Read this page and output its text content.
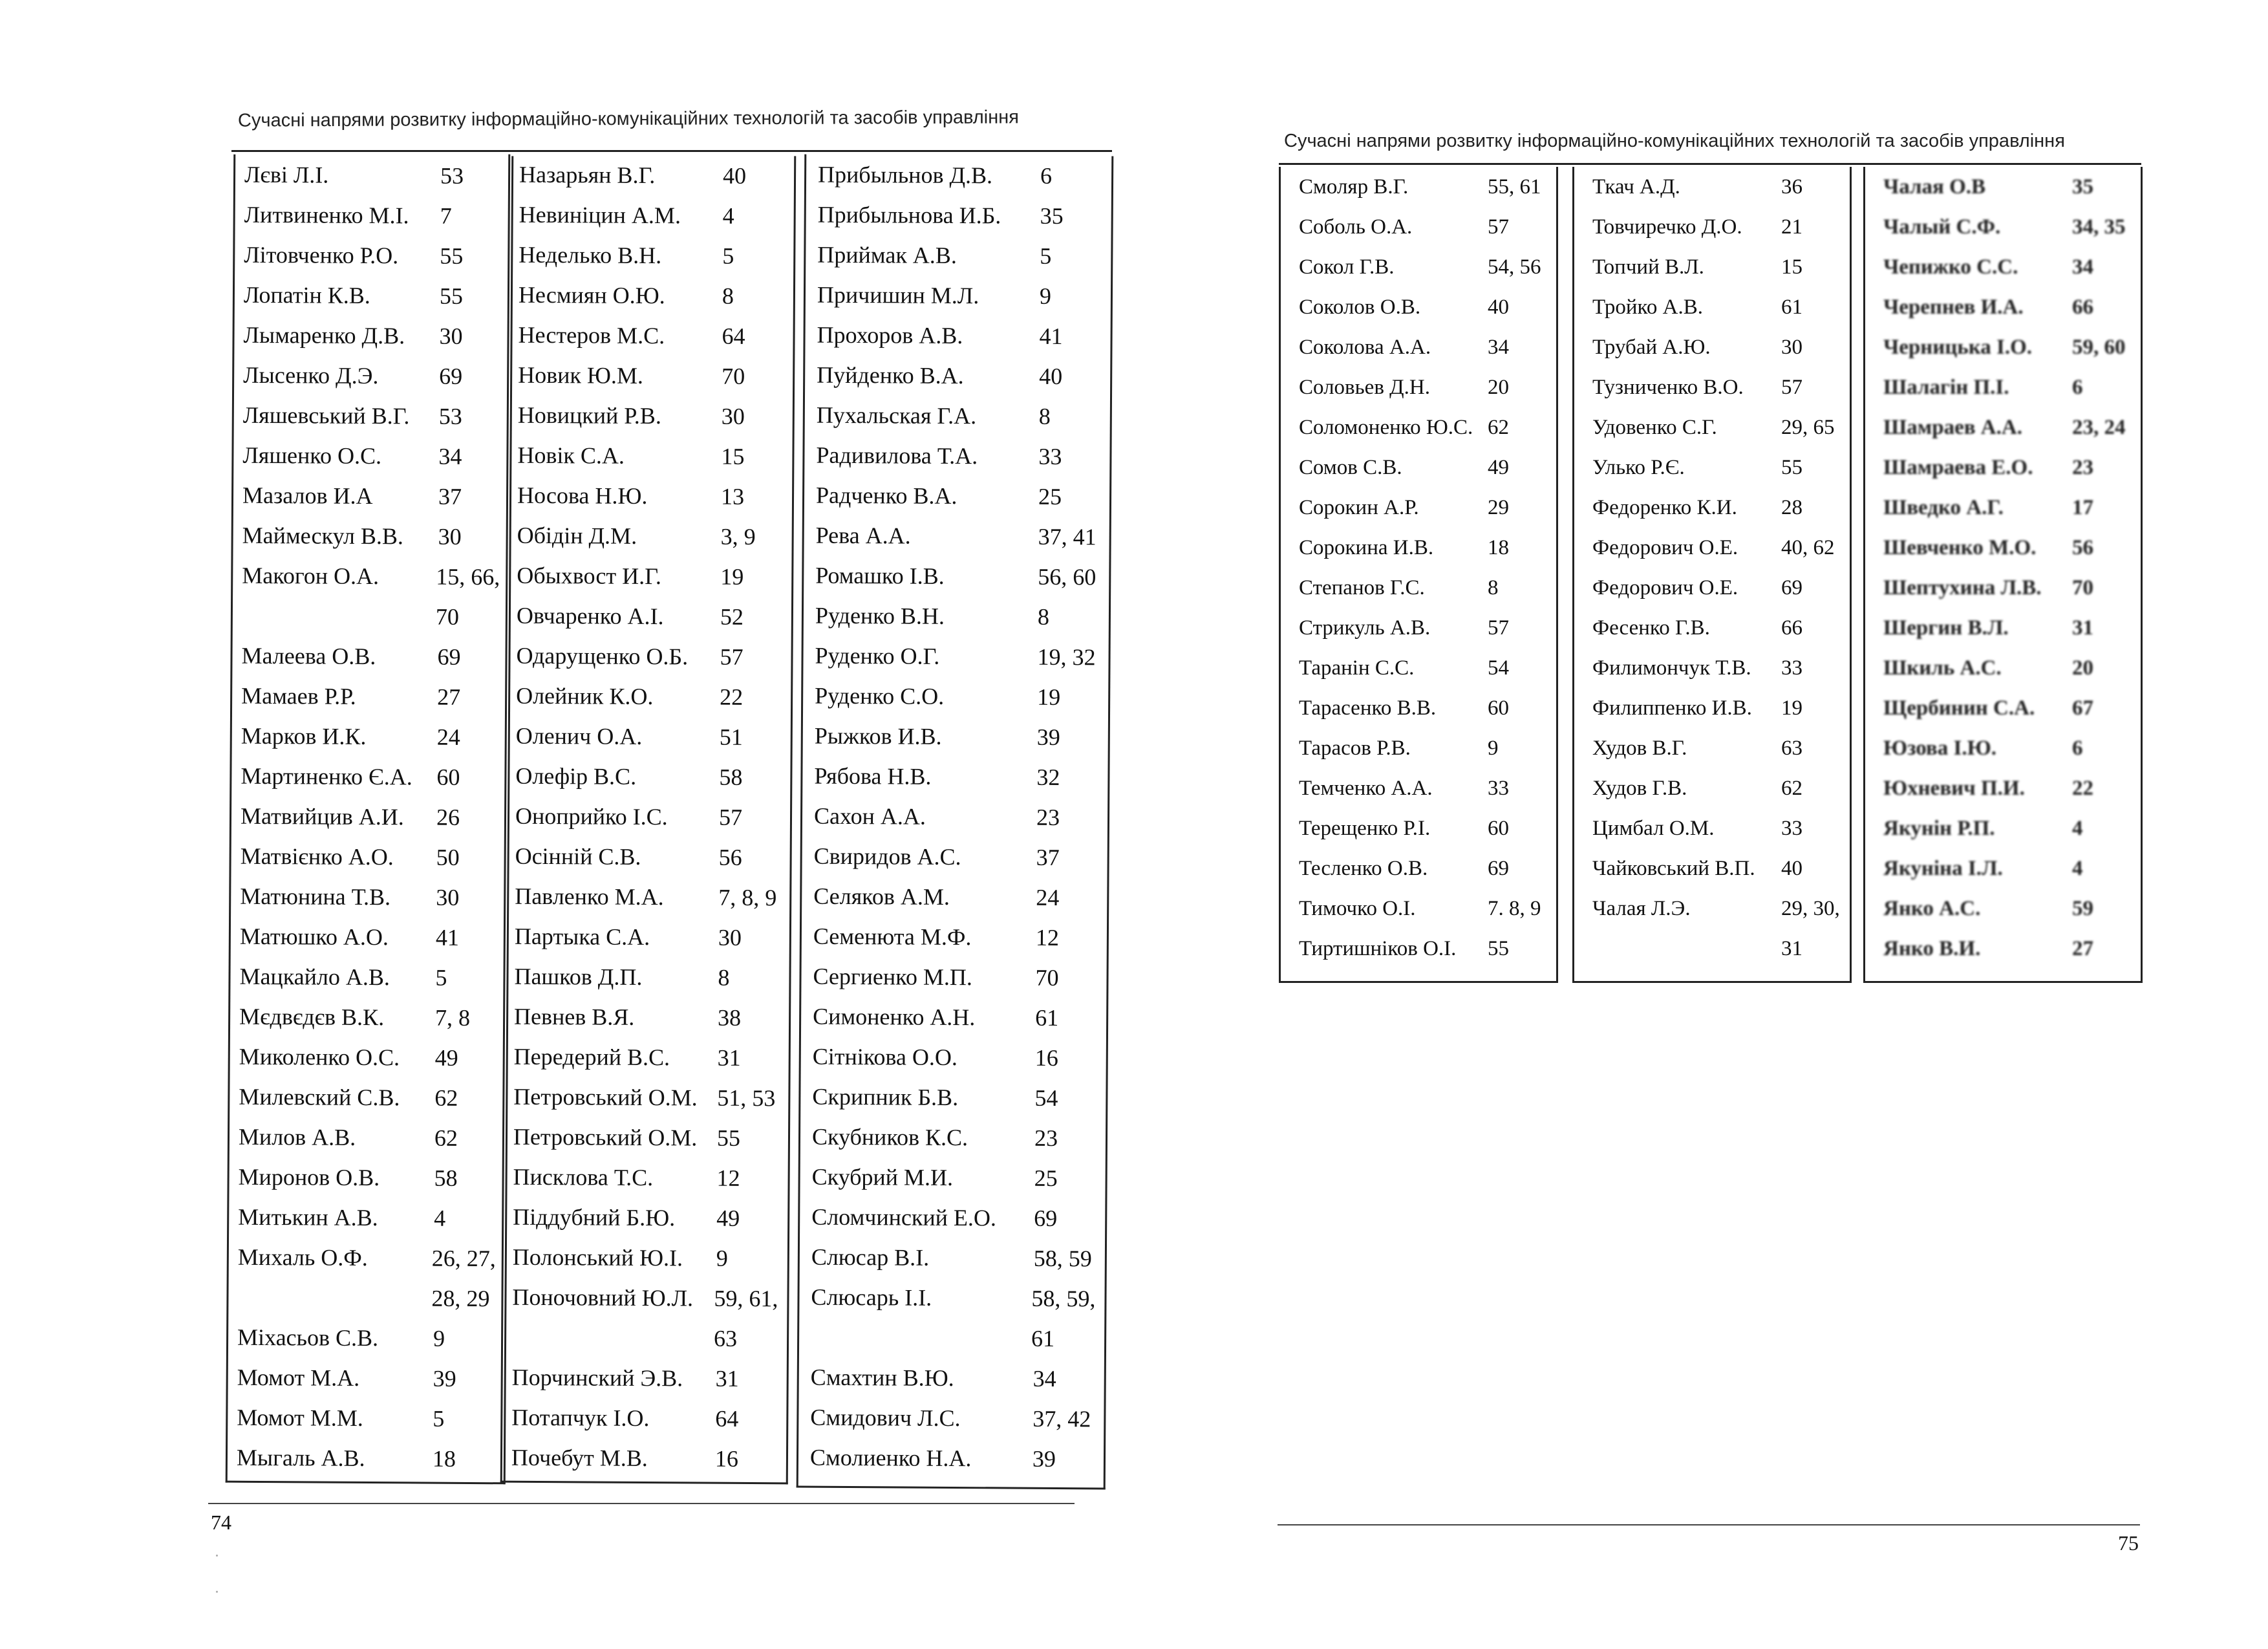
Сучасні напрями розвитку інформаційно-комунікаційних технологій та засобів управління
Лєві Л.І.	53
Литвиненко М.І. 7
Літовченко Р.О. 55
Лопатін К.В.	55
Лымаренко Д.В. 30
Лысенко Д.Э.	69
Ляшевський В.Г. 53
Ляшенко О.С. 34
Мазалов И.А	37
Маймескул В.В. 30
Макогон О.А. 15, 66,
70
Малеева О.В.	69
Мамаев Р.Р.	27
Марков И.К.	24
Мартиненко Є.А. 60
Матвийцив А.И. 26
Матвієнко А.О. 50
Матюнина Т.В. 30
Матюшко А.О. 41
Мацкайло А.В. 5
Мєдвєдєв В.К. 7, 8
Миколенко О.С. 49
Милевский С.В. 62
Милов А.В.	62
Миронов О.В. 58
Митькин А.В. 4
Михаль О.Ф.	26, 27,
28, 29
Міхасьов С.В. 9
Момот М.А.	39
Момот М.М.	5
Мыгаль А.В.	18
Назарьян В.Г.	40
Невиніцин А.М. 4
Неделько В.Н.	5
Несмиян О.Ю. 8
Нестеров М.С. 64
Новик Ю.М.	70
Новицкий Р.В.	30
Новік С.А.	15
Носова Н.Ю.	13
Обідін Д.М.	3, 9
Обыхвост И.Г.	19
Овчаренко А.І. 52
Одарущенко О.Б. 57
Олейник К.О.	22
Оленич О.А.	51
Олефір В.С.	58
Оноприйко І.С. 57
Осінній С.В.	56
Павленко М.А. 7, 8, 9
Партыка С.А.	30
Пашков Д.П.	8
Певнев В.Я.	38
Передерий В.С. 31
Петровський О.М. 51, 53
Петровський О.М. 55
Писклова Т.С.	12
Піддубний Б.Ю. 49
Полонський Ю.І. 9
Поночовний Ю.Л. 59, 61,
63
Порчинский Э.В. 31
Потапчук І.О.	64
Почебут М.В.	16
Прибыльнов Д.В. 6
Прибыльнова И.Б. 35
Приймак А.В.	5
Причишин М.Л.	9
Прохоров А.В.	41
Пуйденко В.А.	40
Пухальская Г.А.	8
Радивилова Т.А.	33
Радченко В.А.	25
Рева А.А.	37, 41
Ромашко І.В.	56, 60
Руденко В.Н.	8
Руденко О.Г.	19, 32
Руденко С.О.	19
Рыжков И.В.	39
Рябова Н.В.	32
Сахон А.А.	23
Свиридов А.С.	37
Селяков А.М.	24
Семенюта М.Ф.	12
Сергиенко М.П.	70
Симоненко А.Н.	61
Сітнікова О.О.	16
Скрипник Б.В.	54
Скубников К.С.	23
Скубрий М.И.	25
Сломчинский Е.О. 69
Слюсар В.І.	58, 59
Слюсарь І.І.	58, 59,
61
Смахтин В.Ю.	34
Смидович Л.С.	37, 42
Смолиенко Н.А.	39
74
Сучасні напрями розвитку інформаційно-комунікаційних технологій та засобів управління
Смоляр В.Г.	55, 61
Соболь О.А.	57
Сокол Г.В.	54, 56
Соколов О.В.	40
Соколова А.А.	34
Соловьев Д.Н.	20
Соломоненко Ю.С. 62
Сомов С.В.	49
Сорокин А.Р.	29
Сорокина И.В.	18
Степанов Г.С.	8
Стрикуль А.В.	57
Таранін С.С.	54
Тарасенко В.В. 60
Тарасов Р.В.	9
Темченко А.А.	33
Терещенко Р.І.	60
Тесленко О.В.	69
Тимочко О.І.	7. 8, 9
Тиртишніков О.І. 55
Ткач А.Д.	36
Товчиречко Д.О. 21
Топчий В.Л.	15
Тройко А.В.	61
Трубай А.Ю.	30
Тузниченко В.О. 57
Удовенко С.Г.	29, 65
Улько Р.Є.	55
Федоренко К.И. 28
Федорович О.Е. 40, 62
Федорович О.Е. 69
Фесенко Г.В.	66
Филимончук Т.В. 33
Филиппенко И.В. 19
Худов В.Г.	63
Худов Г.В.	62
Цимбал О.М.	33
Чайковський В.П. 40
Чалая Л.Э.	29, 30,
31
Чалая О.В	35
Чалый С.Ф.	34, 35
Чепижко С.С.	34
Черепнев И.А. 66
Черницька І.О. 59, 60
Шалагін П.І.	6
Шамраев А.А. 23, 24
Шамраева Е.О. 23
Шведко А.Г.	17
Шевченко М.О. 56
Шептухина Л.В. 70
Шергин В.Л.	31
Шкиль А.С.	20
Щербинин С.А. 67
Юзова І.Ю.	6
Юхневич П.И. 22
Якунін Р.П.	4
Якуніна І.Л.	4
Янко А.С.	59
Янко В.И.	27
75
